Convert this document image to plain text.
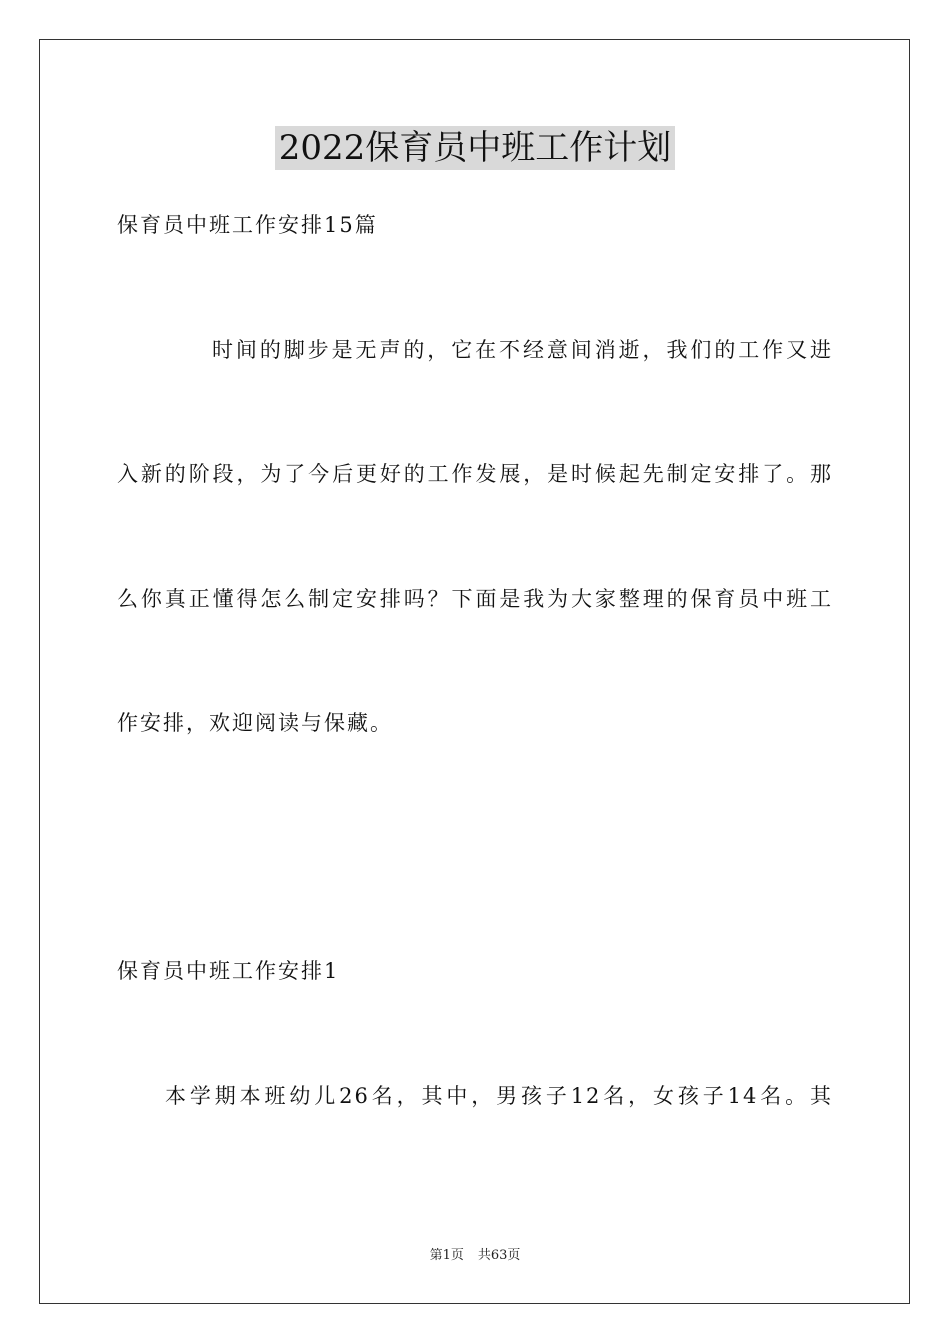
2022保育员中班工作计划
保育员中班工作安排15篇
时间的脚步是无声的，它在不经意间消逝，我们的工作又进
入新的阶段，为了今后更好的工作发展，是时候起先制定安排了。那
么你真正懂得怎么制定安排吗？下面是我为大家整理的保育员中班工
作安排，欢迎阅读与保藏。
保育员中班工作安排1
本学期本班幼儿26名，其中，男孩子12名，女孩子14名。其
第1页 共63页
